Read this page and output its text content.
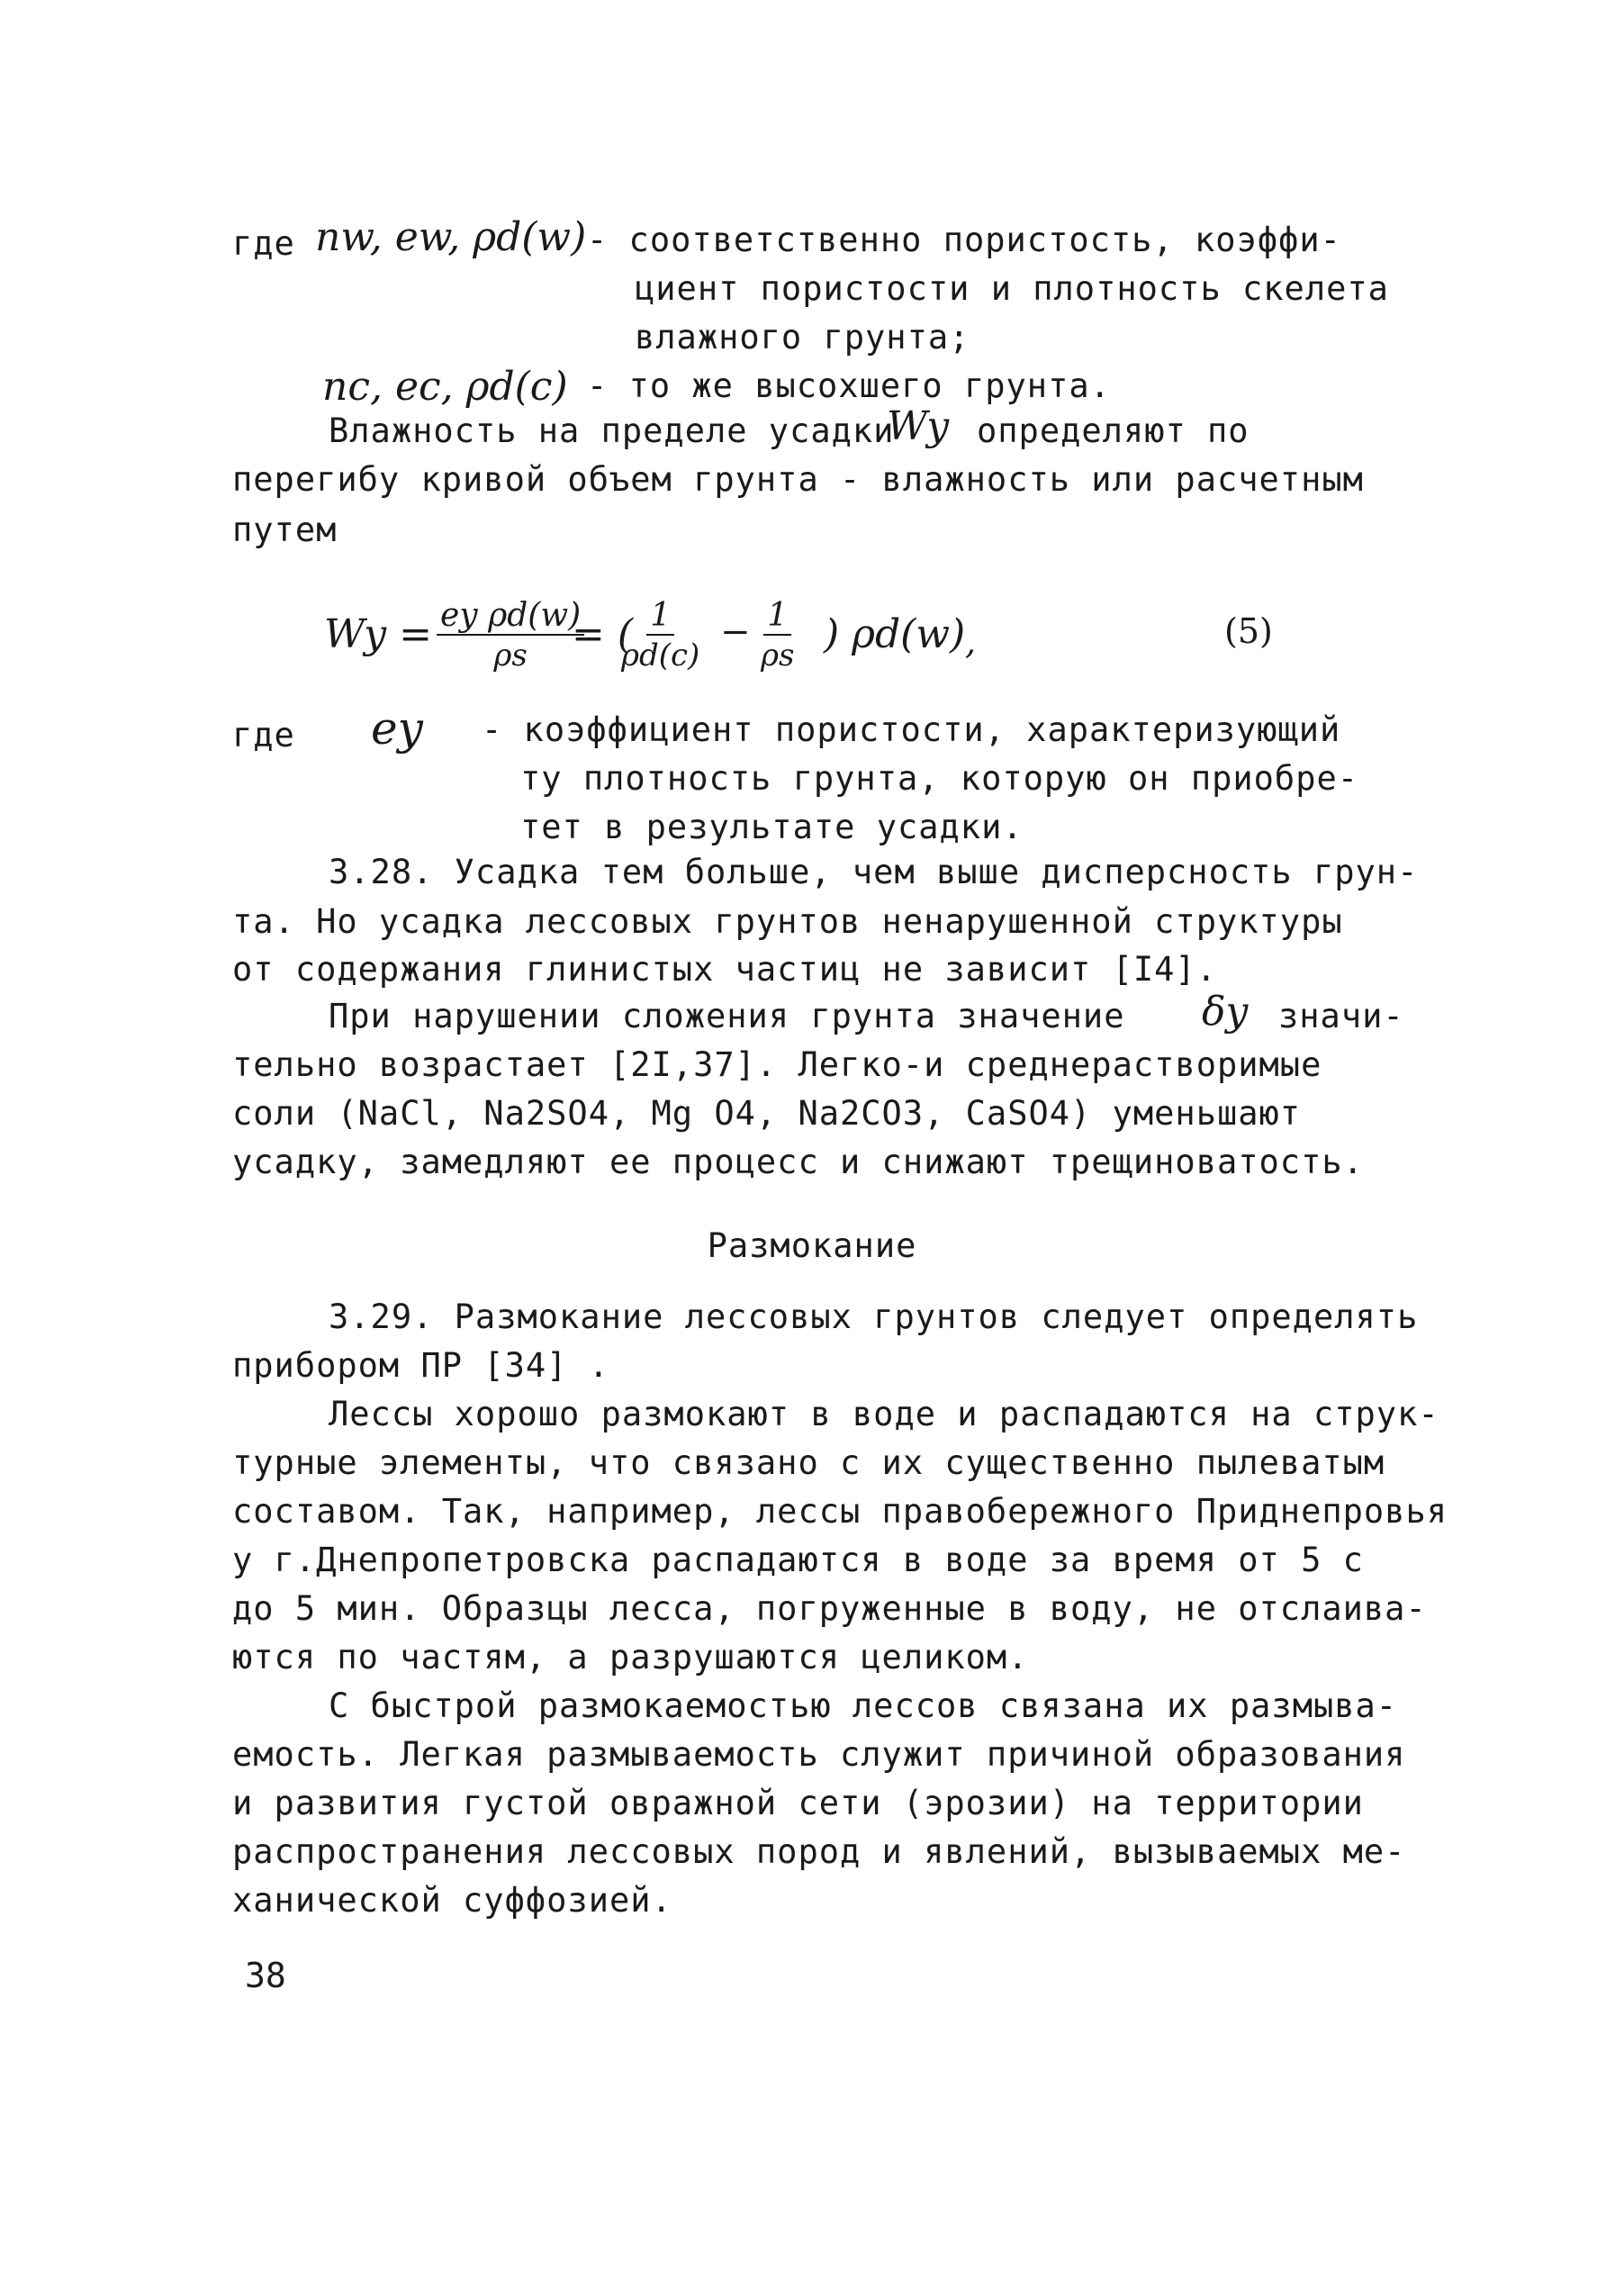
где nw, ew, ρd(w) - соответственно пористость, коэффи-
циент пористости и плотность скелета
влажного грунта;
nc, ec, ρd(c) - то же высохшего грунта.
Влажность на пределе усадки
Wy определяют по
перегибу кривой объем грунта - влажность или расчетным
путем
$Wy = \frac{\text{ey ρd(w)}}{\rho s}$
= (
$\frac{1}{\rho d(c)} - \frac{1}{\rho s}$ ) ρd(w) ,	(5)
где ey - коэффициент пористости, характеризующий
ту плотность грунта, которую он приобре-
тет в результате усадки.
3.28. Усадка тем больше, чем выше дисперсность грун-
та. Но усадка лессовых грунтов ненарушенной структуры
от содержания глинистых частиц не зависит [I4].
При нарушении сложения грунта значение δy значи-
тельно возрастает [2I,37]. Легко-и среднерастворимые
соли (NaCl, Na2SO4, Mg O4, Na2CO3, CaSO4) уменьшают
усадку, замедляют ее процесс и снижают трещиноватость.
Размокание
3.29. Размокание лессовых грунтов следует определять
прибором ПР [34] .
Лессы хорошо размокают в воде и распадаются на струк-
турные элементы, что связано с их существенно пылеватым
составом. Так, например, лессы правобережного Приднепровья
у г.Днепропетровска распадаются в воде за время от 5 с
до 5 мин. Образцы лесса, погруженные в воду, не отслаива-
ются по частям, а разрушаются целиком.
С быстрой размокаемостью лессов связана их размыва-
емость. Легкая размываемость служит причиной образования
и развития густой овражной сети (эрозии) на территории
распространения лессовых пород и явлений, вызываемых ме-
ханической суффозией.
38
